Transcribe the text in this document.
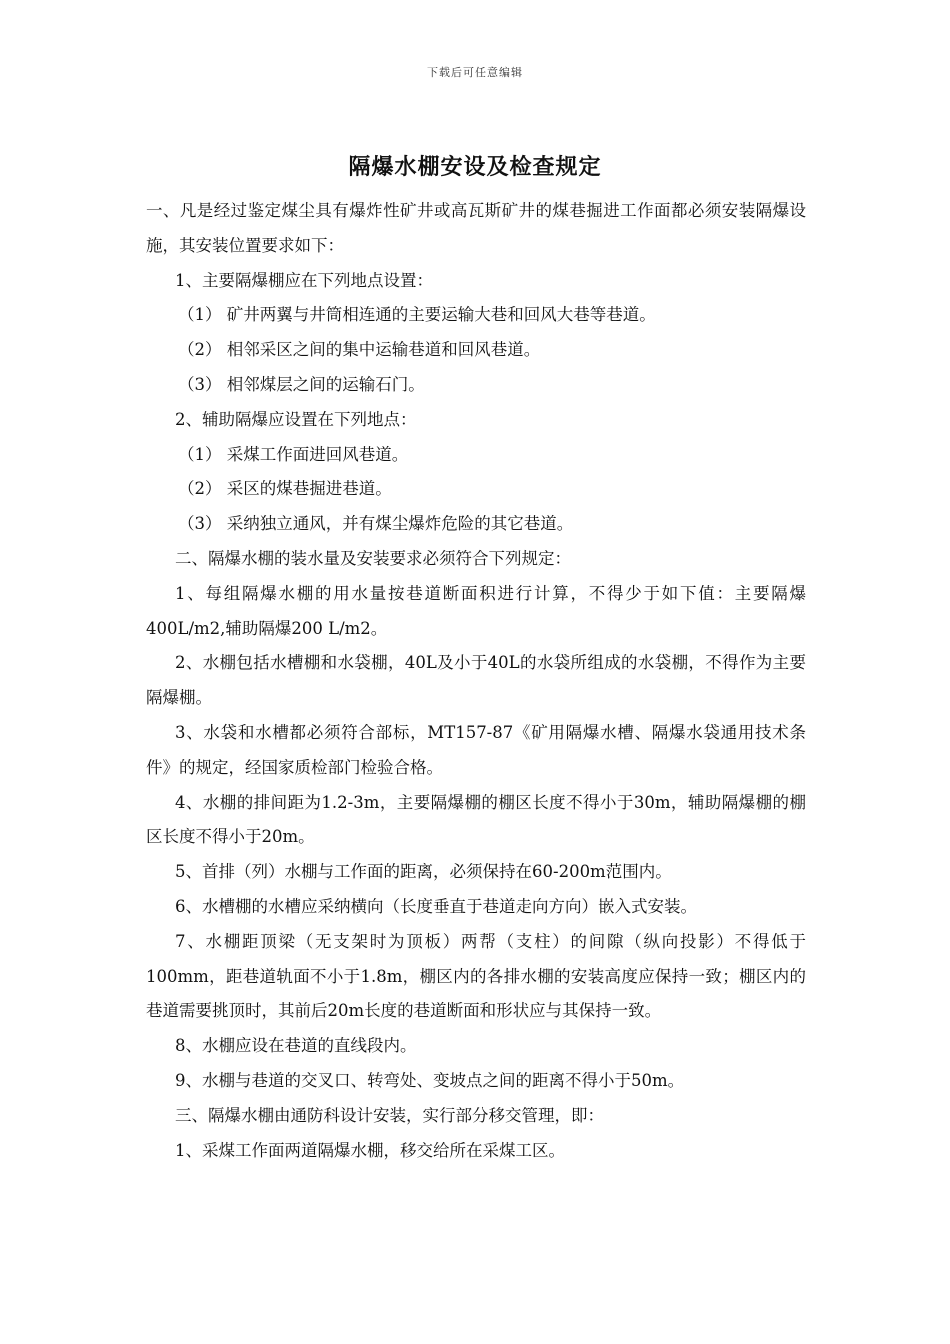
下载后可任意编辑
隔爆水棚安设及检查规定

一、凡是经过鉴定煤尘具有爆炸性矿井或高瓦斯矿井的煤巷掘进工作面都必须安装隔爆设施，其安装位置要求如下：

1、主要隔爆棚应在下列地点设置：

（1） 矿井两翼与井筒相连通的主要运输大巷和回风大巷等巷道。

（2） 相邻采区之间的集中运输巷道和回风巷道。

（3） 相邻煤层之间的运输石门。

2、辅助隔爆应设置在下列地点：

（1） 采煤工作面进回风巷道。

（2） 采区的煤巷掘进巷道。

（3） 采纳独立通风，并有煤尘爆炸危险的其它巷道。

二、隔爆水棚的装水量及安装要求必须符合下列规定：

1、每组隔爆水棚的用水量按巷道断面积进行计算，不得少于如下值：主要隔爆400L/m2,辅助隔爆200 L/m2。

2、水棚包括水槽棚和水袋棚，40L及小于40L的水袋所组成的水袋棚，不得作为主要隔爆棚。

3、水袋和水槽都必须符合部标，MT157-87《矿用隔爆水槽、隔爆水袋通用技术条件》的规定，经国家质检部门检验合格。

4、水棚的排间距为1.2-3m，主要隔爆棚的棚区长度不得小于30m，辅助隔爆棚的棚区长度不得小于20m。

5、首排（列）水棚与工作面的距离，必须保持在60-200m范围内。

6、水槽棚的水槽应采纳横向（长度垂直于巷道走向方向）嵌入式安装。

7、水棚距顶梁（无支架时为顶板）两帮（支柱）的间隙（纵向投影）不得低于100mm，距巷道轨面不小于1.8m，棚区内的各排水棚的安装高度应保持一致；棚区内的巷道需要挑顶时，其前后20m长度的巷道断面和形状应与其保持一致。

8、水棚应设在巷道的直线段内。

9、水棚与巷道的交叉口、转弯处、变坡点之间的距离不得小于50m。

三、隔爆水棚由通防科设计安装，实行部分移交管理，即：

1、采煤工作面两道隔爆水棚，移交给所在采煤工区。
